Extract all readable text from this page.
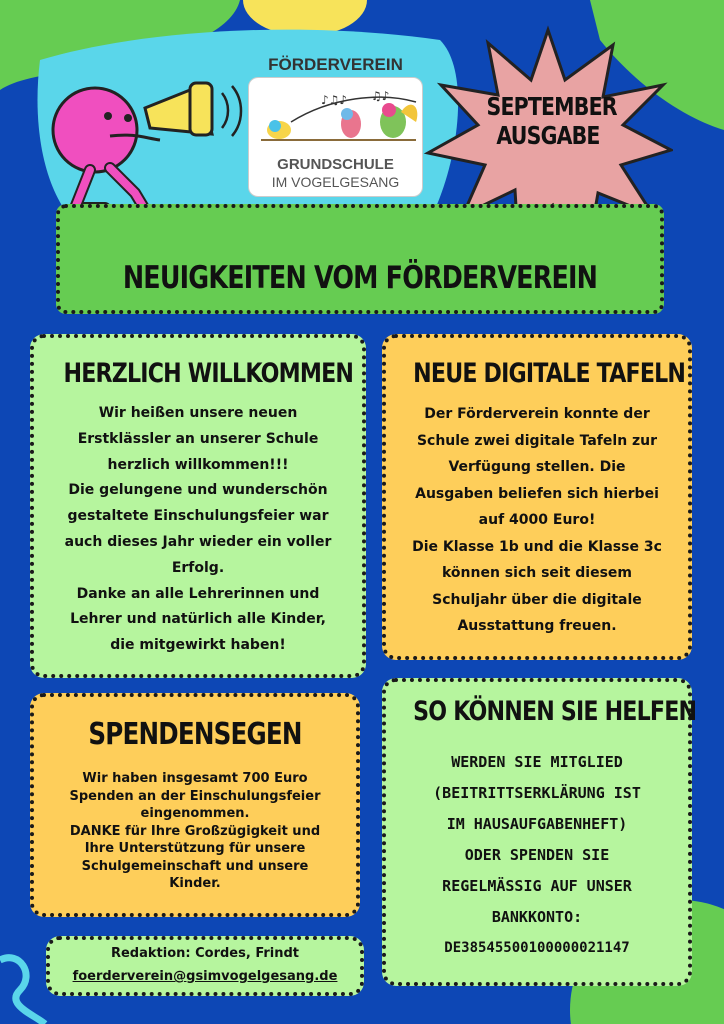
FÖRDERVEREIN
♪♫♪ ♫♪
GRUNDSCHULE
IM VOGELGESANG
SEPTEMBER
AUSGABE
NEUIGKEITEN VOM FÖRDERVEREIN
HERZLICH WILLKOMMEN
Wir heißen unsere neuen
Erstklässler an unserer Schule
herzlich willkommen!!!
Die gelungene und wunderschön
gestaltete Einschulungsfeier war
auch dieses Jahr wieder ein voller
Erfolg.
Danke an alle Lehrerinnen und
Lehrer und natürlich alle Kinder,
die mitgewirkt haben!
NEUE DIGITALE TAFELN
Der Förderverein konnte der
Schule zwei digitale Tafeln zur
Verfügung stellen. Die
Ausgaben beliefen sich hierbei
auf 4000 Euro!
Die Klasse 1b und die Klasse 3c
können sich seit diesem
Schuljahr über die digitale
Ausstattung freuen.
SPENDENSEGEN
Wir haben insgesamt 700 Euro
Spenden an der Einschulungsfeier
eingenommen.
DANKE für Ihre Großzügigkeit und
Ihre Unterstützung für unsere
Schulgemeinschaft und unsere
Kinder.
SO KÖNNEN SIE HELFEN
WERDEN SIE MITGLIED
(BEITRITTSERKLÄRUNG IST
IM HAUSAUFGABENHEFT)
ODER SPENDEN SIE
REGELMÄSSIG AUF UNSER
BANKKONTO:
DE38545500100000021147
Redaktion: Cordes, Frindt
foerderverein@gsimvogelgesang.de
